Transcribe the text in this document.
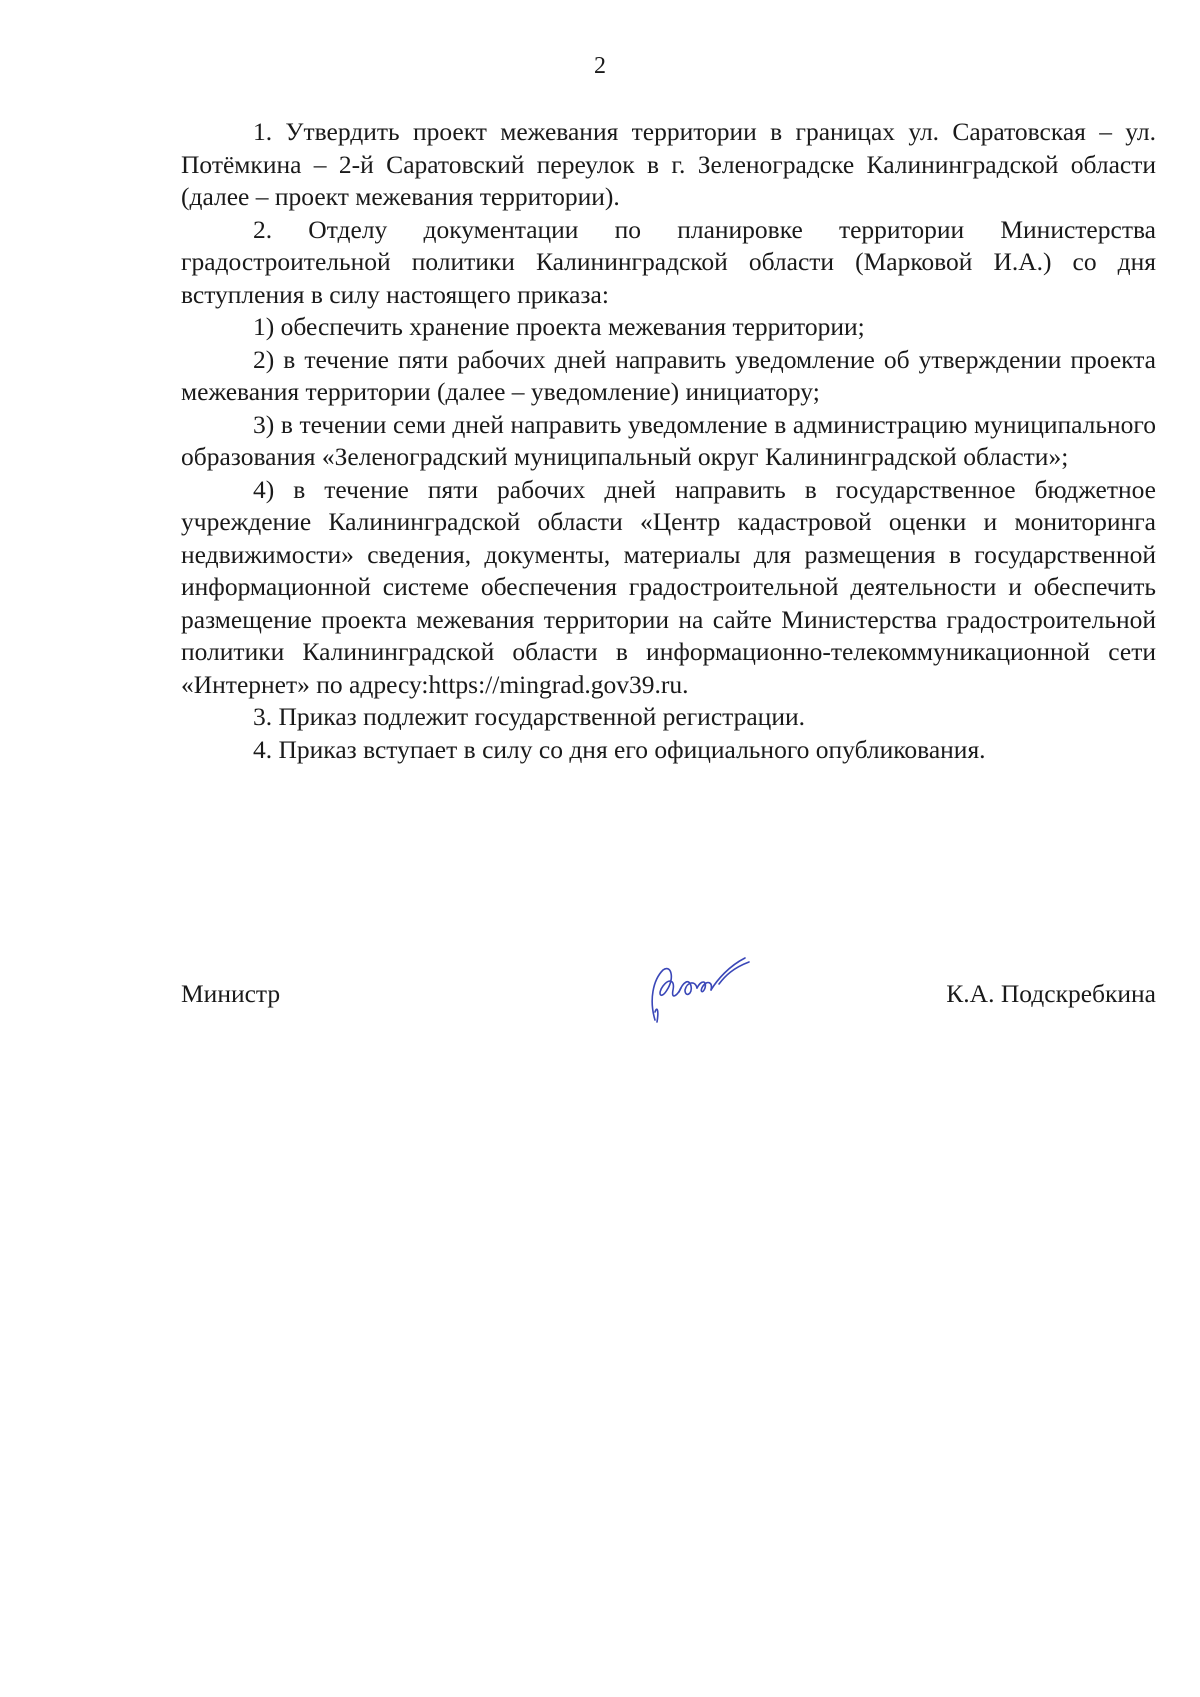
2

1. Утвердить проект межевания территории в границах ул. Саратовская – ул. Потёмкина – 2-й Саратовский переулок в г. Зеленоградске Калининградской области (далее – проект межевания территории).

2. Отделу документации по планировке территории Министерства градостроительной политики Калининградской области (Марковой И.А.) со дня вступления в силу настоящего приказа:

1) обеспечить хранение проекта межевания территории;

2) в течение пяти рабочих дней направить уведомление об утверждении проекта межевания территории (далее – уведомление) инициатору;

3) в течении семи дней направить уведомление в администрацию муниципального образования «Зеленоградский муниципальный округ Калининградской области»;

4) в течение пяти рабочих дней направить в государственное бюджетное учреждение Калининградской области «Центр кадастровой оценки и мониторинга недвижимости» сведения, документы, материалы для размещения в государственной информационной системе обеспечения градостроительной деятельности и обеспечить размещение проекта межевания территории на сайте Министерства градостроительной политики Калининградской области в информационно-телекоммуникационной сети «Интернет» по адресу:https://mingrad.gov39.ru.

3. Приказ подлежит государственной регистрации.

4. Приказ вступает в силу со дня его официального опубликования.

Министр	К.А. Подскребкина
